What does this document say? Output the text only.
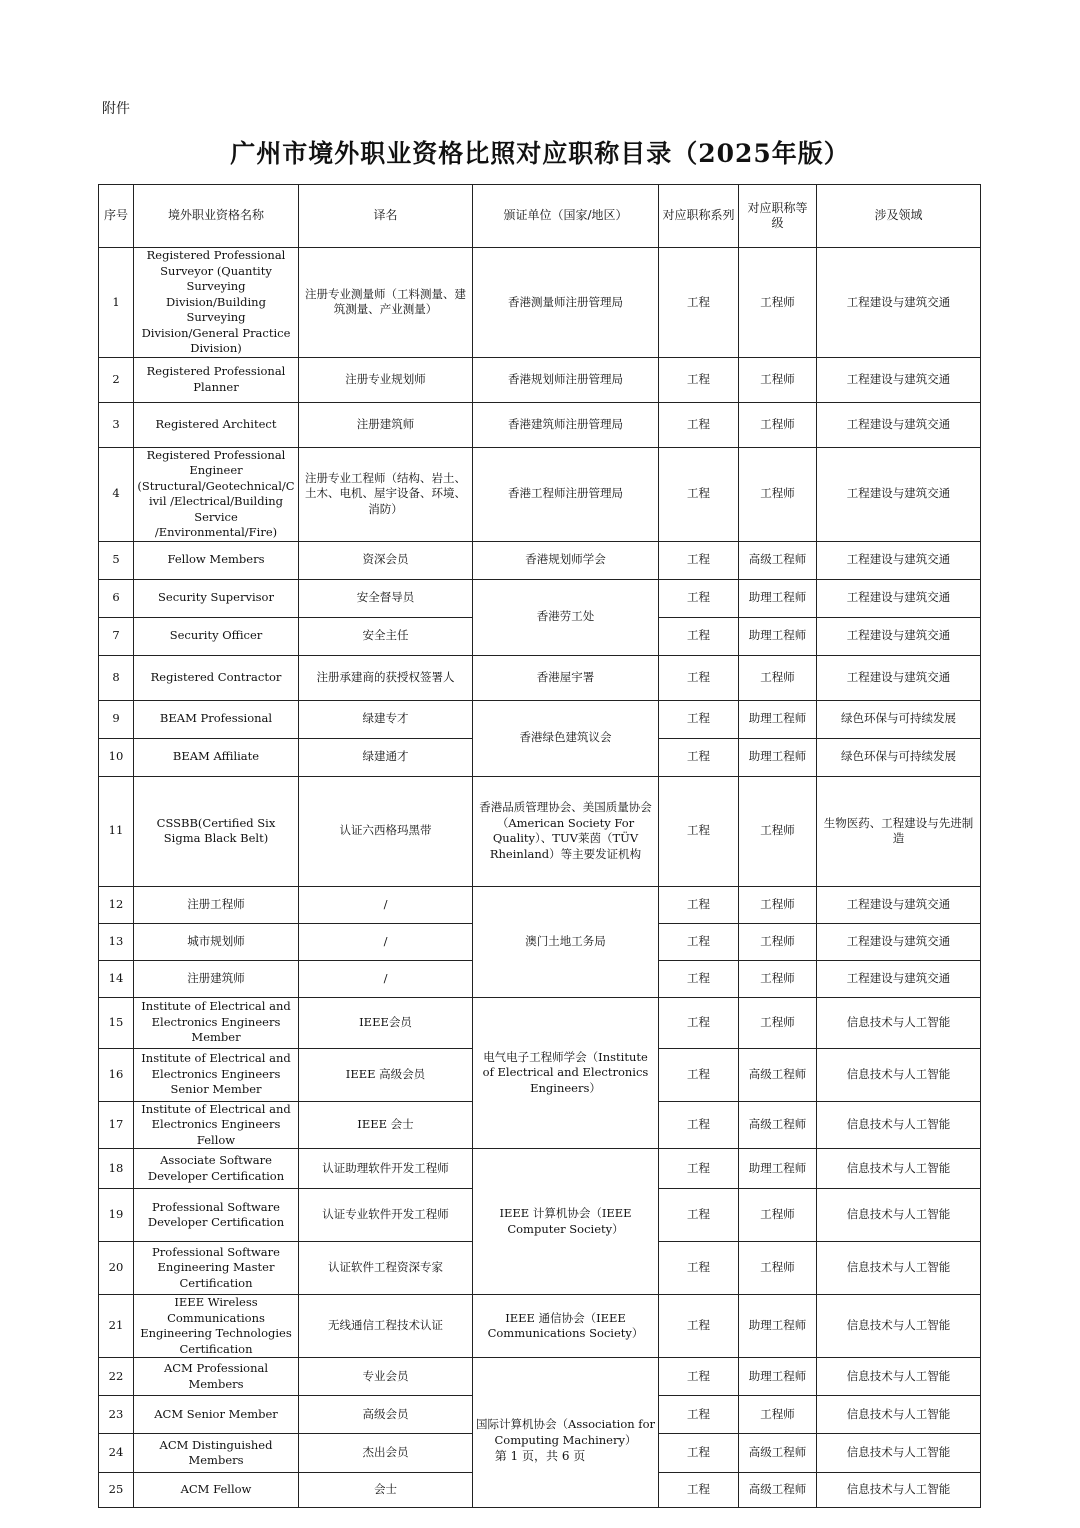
附件
广州市境外职业资格比照对应职称目录（2025年版）
序号	境外职业资格名称	译名	颁证单位（国家/地区）	对应职称系列	对应职称等级	涉及领域
1	Registered Professional Surveyor (Quantity Surveying Division/Building Surveying Division/General Practice Division)	注册专业测量师（工料测量、建筑测量、产业测量）	香港测量师注册管理局	工程	工程师	工程建设与建筑交通
2	Registered Professional Planner	注册专业规划师	香港规划师注册管理局	工程	工程师	工程建设与建筑交通
3	Registered Architect	注册建筑师	香港建筑师注册管理局	工程	工程师	工程建设与建筑交通
4	Registered Professional Engineer (Structural/Geotechnical/Civil /Electrical/Building Service /Environmental/Fire)	注册专业工程师（结构、岩土、土木、电机、屋宇设备、环境、消防）	香港工程师注册管理局	工程	工程师	工程建设与建筑交通
5	Fellow Members	资深会员	香港规划师学会	工程	高级工程师	工程建设与建筑交通
6	Security Supervisor	安全督导员	香港劳工处	工程	助理工程师	工程建设与建筑交通
7	Security Officer	安全主任		工程	助理工程师	工程建设与建筑交通
8	Registered Contractor	注册承建商的获授权签署人	香港屋宇署	工程	工程师	工程建设与建筑交通
9	BEAM Professional	绿建专才	香港绿色建筑议会	工程	助理工程师	绿色环保与可持续发展
10	BEAM Affiliate	绿建通才		工程	助理工程师	绿色环保与可持续发展
11	CSSBB(Certified Six Sigma Black Belt)	认证六西格玛黑带	香港品质管理协会、美国质量协会（American Society For Quality）、TUV莱茵（TÜV Rheinland）等主要发证机构	工程	工程师	生物医药、工程建设与先进制造
12	注册工程师	/	澳门土地工务局	工程	工程师	工程建设与建筑交通
13	城市规划师	/		工程	工程师	工程建设与建筑交通
14	注册建筑师	/		工程	工程师	工程建设与建筑交通
15	Institute of Electrical and Electronics Engineers Member	IEEE会员	电气电子工程师学会（Institute of Electrical and Electronics Engineers）	工程	工程师	信息技术与人工智能
16	Institute of Electrical and Electronics Engineers Senior Member	IEEE 高级会员		工程	高级工程师	信息技术与人工智能
17	Institute of Electrical and Electronics Engineers Fellow	IEEE 会士		工程	高级工程师	信息技术与人工智能
18	Associate Software Developer Certification	认证助理软件开发工程师	IEEE 计算机协会（IEEE Computer Society）	工程	助理工程师	信息技术与人工智能
19	Professional Software Developer Certification	认证专业软件开发工程师		工程	工程师	信息技术与人工智能
20	Professional Software Engineering Master Certification	认证软件工程资深专家		工程	工程师	信息技术与人工智能
21	IEEE Wireless Communications Engineering Technologies Certification	无线通信工程技术认证	IEEE 通信协会（IEEE Communications Society）	工程	助理工程师	信息技术与人工智能
22	ACM Professional Members	专业会员	国际计算机协会（Association for Computing Machinery）	工程	助理工程师	信息技术与人工智能
23	ACM Senior Member	高级会员		工程	工程师	信息技术与人工智能
24	ACM Distinguished Members	杰出会员		工程	高级工程师	信息技术与人工智能
25	ACM Fellow	会士		工程	高级工程师	信息技术与人工智能
第 1 页，共 6 页
